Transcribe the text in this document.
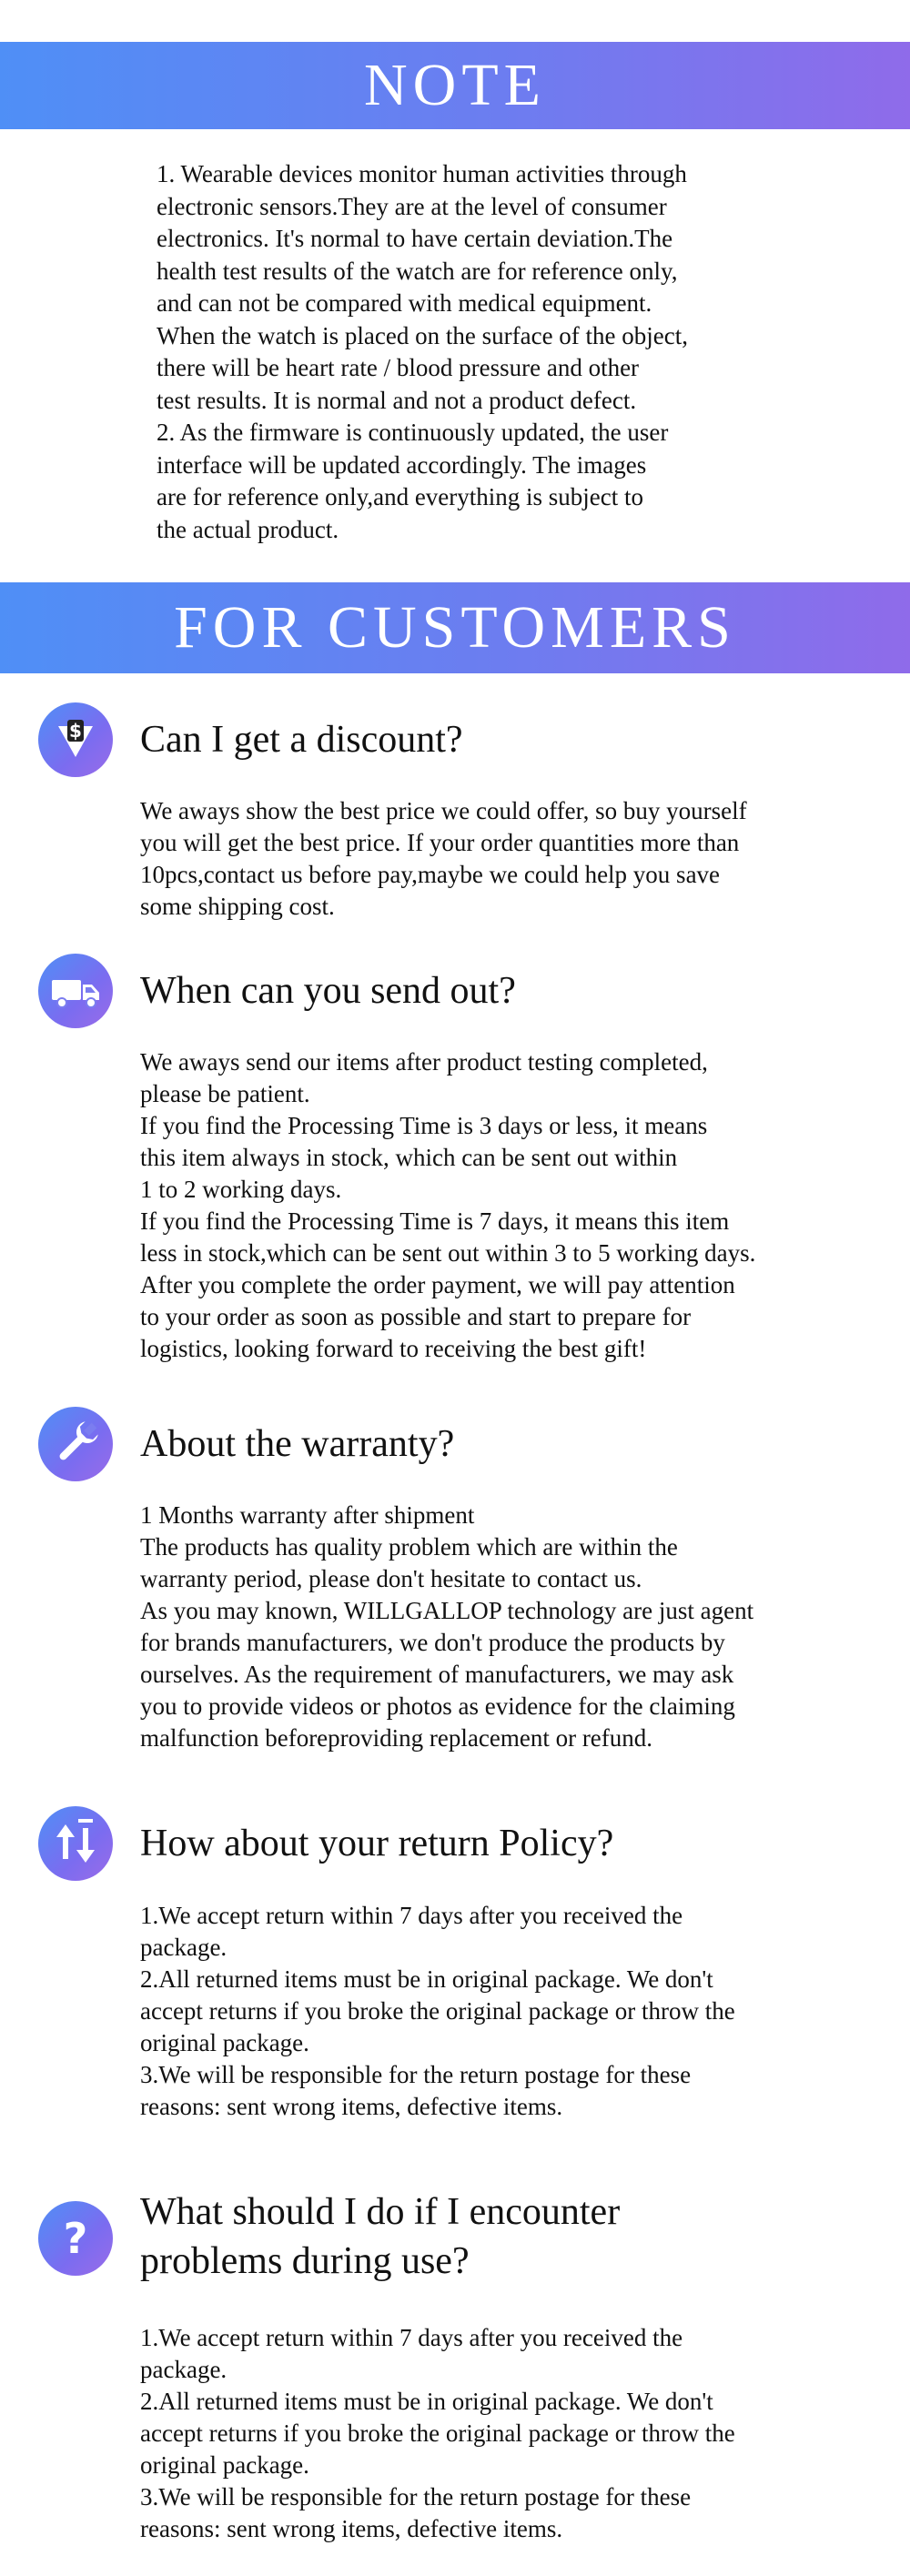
NOTE

1. Wearable devices monitor human activities through

electronic sensors.They are at the level of consumer

electronics. It's normal to have certain deviation.The

health test results of the watch are for reference only,

and can not be compared with medical equipment.

When the watch is placed on the surface of the object,

there will be heart rate / blood pressure and other

test results. It is normal and not a product defect.

2. As the firmware is continuously updated, the user

interface will be updated accordingly. The images

are for reference only,and everything is subject to

the actual product.

FOR CUSTOMERS
$ Can I get a discount?

We aways show the best price we could offer, so buy yourself

you will get the best price. If your order quantities more than

10pcs,contact us before pay,maybe we could help you save

some shipping cost.

When can you send out?

We aways send our items after product testing completed,

please be patient.

If you find the Processing Time is 3 days or less, it means

this item always in stock, which can be sent out within

1 to 2 working days.

If you find the Processing Time is 7 days, it means this item

less in stock,which can be sent out within 3 to 5 working days.

After you complete the order payment, we will pay attention

to your order as soon as possible and start to prepare for

logistics, looking forward to receiving the best gift!

About the warranty?

1 Months warranty after shipment

The products has quality problem which are within the

warranty period, please don't hesitate to contact us.

As you may known, WILLGALLOP technology are just agent

for brands manufacturers, we don't produce the products by

ourselves. As the requirement of manufacturers, we may ask

you to provide videos or photos as evidence for the claiming

malfunction beforeproviding replacement or refund.

How about your return Policy?

1.We accept return within 7 days after you received the

package.

2.All returned items must be in original package. We don't

accept returns if you broke the original package or throw the

original package.

3.We will be responsible for the return postage for these

reasons: sent wrong items, defective items.

?
What should I do if I encounter
problems during use?

1.We accept return within 7 days after you received the

package.

2.All returned items must be in original package. We don't

accept returns if you broke the original package or throw the

original package.

3.We will be responsible for the return postage for these

reasons: sent wrong items, defective items.
